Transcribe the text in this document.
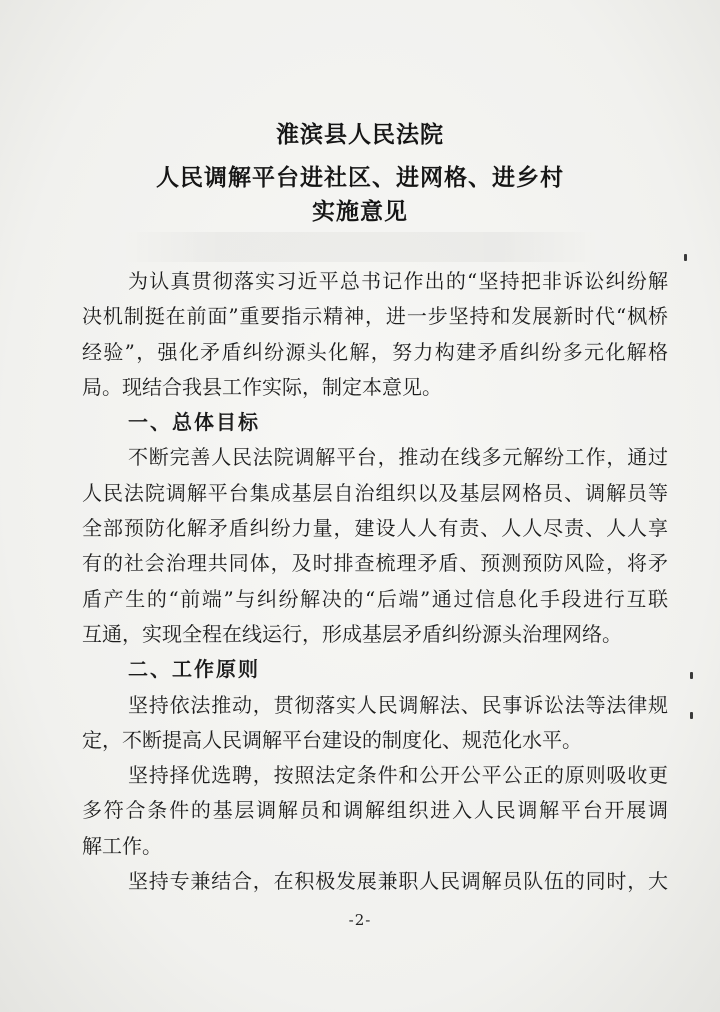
淮滨县人民法院
人民调解平台进社区、进网格、进乡村
实施意见
为认真贯彻落实习近平总书记作出的“坚持把非诉讼纠纷解
决机制挺在前面”重要指示精神，进一步坚持和发展新时代“枫桥
经验”，强化矛盾纠纷源头化解，努力构建矛盾纠纷多元化解格
局。现结合我县工作实际，制定本意见。
一、总体目标
不断完善人民法院调解平台，推动在线多元解纷工作，通过
人民法院调解平台集成基层自治组织以及基层网格员、调解员等
全部预防化解矛盾纠纷力量，建设人人有责、人人尽责、人人享
有的社会治理共同体，及时排查梳理矛盾、预测预防风险，将矛
盾产生的“前端”与纠纷解决的“后端”通过信息化手段进行互联
互通，实现全程在线运行，形成基层矛盾纠纷源头治理网络。
二、工作原则
坚持依法推动，贯彻落实人民调解法、民事诉讼法等法律规
定，不断提高人民调解平台建设的制度化、规范化水平。
坚持择优选聘，按照法定条件和公开公平公正的原则吸收更
多符合条件的基层调解员和调解组织进入人民调解平台开展调
解工作。
坚持专兼结合，在积极发展兼职人民调解员队伍的同时，大
-2-
